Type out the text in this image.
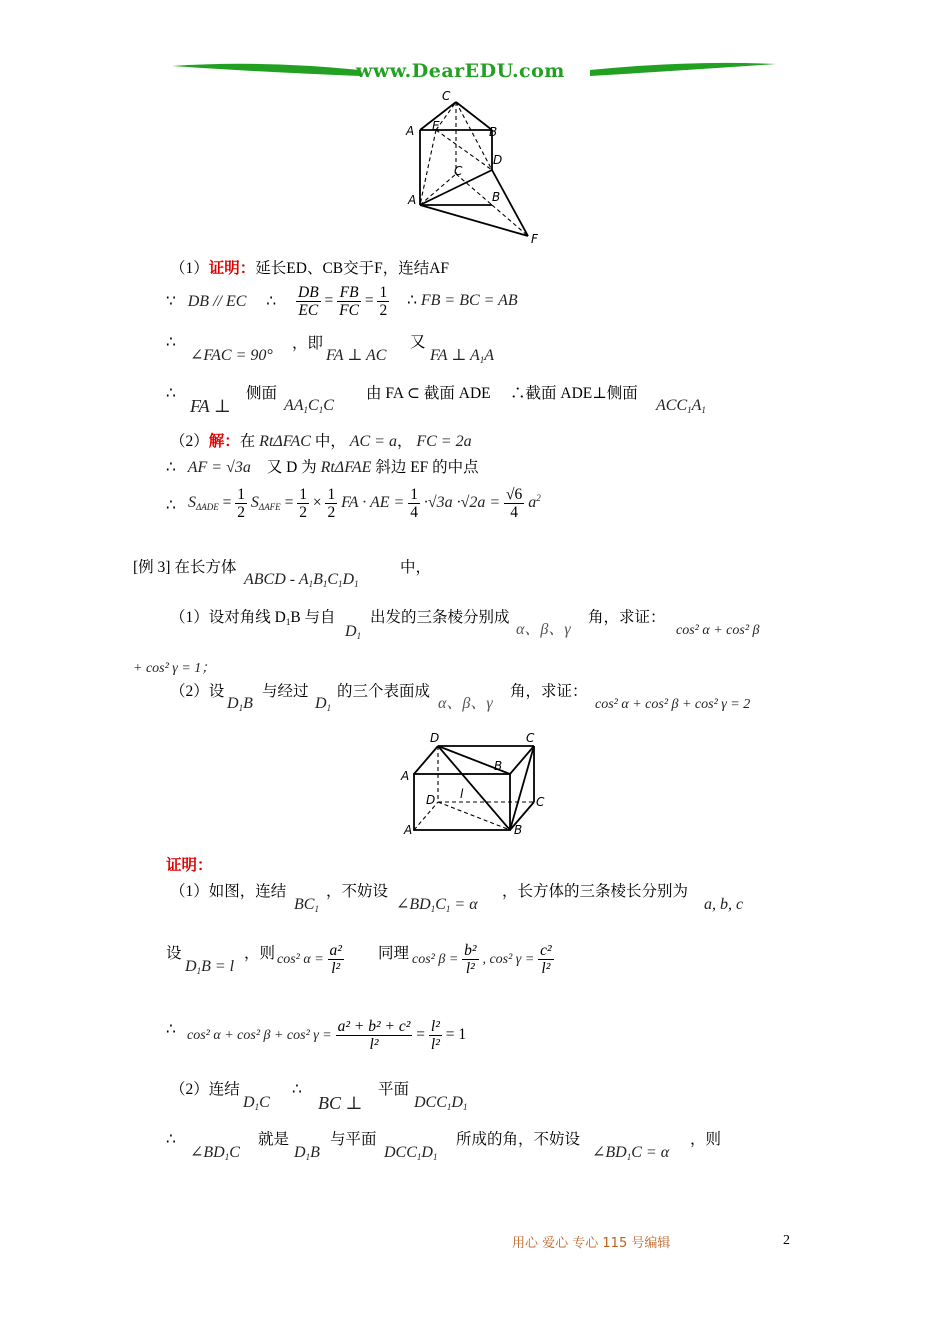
www.DearEDU.com
C
A E	B
D
C
A	B
F
（1）证明：延长ED、CB交于F，连结AF
∵ DB // EC ∴ $\frac{DB}{EC} = \frac{FB}{FC} = \frac{1}{2}$ ∴ FB = BC = AB
∴
∠FAC = 90°
，即
FA ⊥ AC
又
FA ⊥ $A_1A$
∴
FA ⊥
侧面
$AA_1C_1C$
由 FA ⊂ 截面 ADE ∴截面 ADE⊥侧面
$ACC_1A_1$
（2）解：在 RtΔFAC 中， AC = a， FC = 2a
∴ AF = √3a 又 D 为 RtΔFAE 斜边 EF 的中点
∴ $S_{\Delta ADE} = \frac{1}{2} S_{\Delta AFE} = \frac{1}{2} \times \frac{1}{2}$ FA · AE = $\frac{1}{4} \cdot√3a \cdot√2a = \frac{√6}{4} a^2$
[例 3] 在长方体
ABCD - $A_1B_1C_1D_1$
中，
（1）设对角线 $D_1B$ 与自
$D_1$
出发的三条棱分别成
α、β、γ
角，求证：
cos² α + cos² β
+ cos² γ = 1；
（2）设
$D_1B$
与经过
$D_1$
的三个表面成
α、β、γ
角，求证：
cos² α + cos² β + cos² γ = 2
D	C
B
A
D l
C
A	B
证明：
（1）如图，连结
$BC_1$
，不妨设
$\angle BD_1C_1 = \alpha$
，长方体的三条棱长分别为
a, b, c
设
$D_1B = l$
，则 cos² $\alpha = \frac{\text{a²}}{\text{l²}}$ 同理 cos² $\beta = \frac{\text{b²}}{\text{l²}}$ , cos² $\gamma = \frac{\text{c²}}{\text{l²}}$
∴ cos² α + cos² β + cos² $\gamma = \frac{\text{a² + b² + c²}}{\text{l²}} = \frac{\text{l²}}{\text{l²}} = 1$
（2）连结
$D_1C$
∴
BC ⊥
平面
$DCC_1D_1$
∴
$\angle BD_1C$
就是
$D_1B$
与平面
$DCC_1D_1$
所成的角，不妨设
$\angle BD_1C = \alpha$
，则
用心 爱心 专心 115 号编辑	2
